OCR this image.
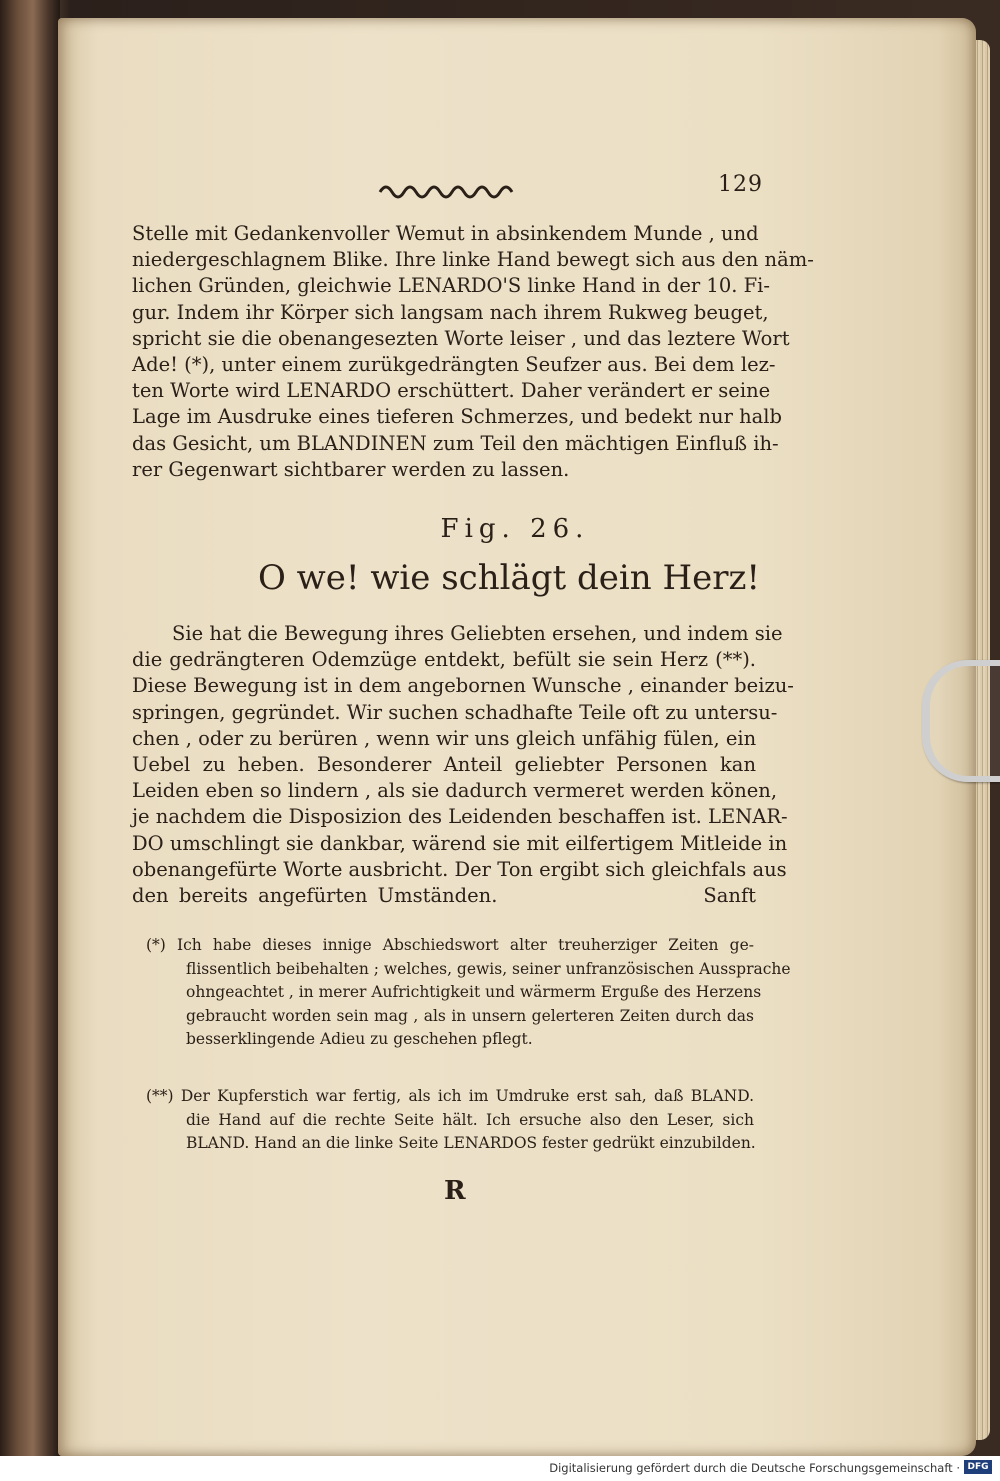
129
Stelle mit Gedankenvoller Wemut in absinkendem Munde , und
niedergeschlagnem Blike. Ihre linke Hand bewegt sich aus den näm-
lichen Gründen, gleichwie LENARDO'S linke Hand in der 10. Fi-
gur. Indem ihr Körper sich langsam nach ihrem Rukweg beuget,
spricht sie die obenangesezten Worte leiser , und das leztere Wort
Ade! (*), unter einem zurükgedrängten Seufzer aus. Bei dem lez-
ten Worte wird LENARDO erschüttert. Daher verändert er seine
Lage im Ausdruke eines tieferen Schmerzes, und bedekt nur halb
das Gesicht, um BLANDINEN zum Teil den mächtigen Einfluß ih-
rer Gegenwart sichtbarer werden zu lassen.
Fig. 26.
O we! wie schlägt dein Herz!
Sie hat die Bewegung ihres Geliebten ersehen, und indem sie
die gedrängteren Odemzüge entdekt, befült sie sein Herz (**).
Diese Bewegung ist in dem angebornen Wunsche , einander beizu-
springen, gegründet. Wir suchen schadhafte Teile oft zu untersu-
chen , oder zu berüren , wenn wir uns gleich unfähig fülen, ein
Uebel zu heben. Besonderer Anteil geliebter Personen kan
Leiden eben so lindern , als sie dadurch vermeret werden könen,
je nachdem die Disposizion des Leidenden beschaffen ist. LENAR-
DO umschlingt sie dankbar, wärend sie mit eilfertigem Mitleide in
obenangefürte Worte ausbricht. Der Ton ergibt sich gleichfals aus
den bereits angefürten Umständen.                    Sanft
(*) Ich habe dieses innige Abschiedswort alter treuherziger Zeiten ge-
flissentlich beibehalten ; welches, gewis, seiner unfranzösischen Aussprache
ohngeachtet , in merer Aufrichtigkeit und wärmerm Erguße des Herzens
gebraucht worden sein mag , als in unsern gelerteren Zeiten durch das
besserklingende Adieu zu geschehen pflegt.
(**) Der Kupferstich war fertig, als ich im Umdruke erst sah, daß BLAND.
die Hand auf die rechte Seite hält. Ich ersuche also den Leser, sich
BLAND. Hand an die linke Seite LENARDOS fester gedrükt einzubilden.
R
Digitalisierung gefördert durch die Deutsche Forschungsgemeinschaft · DFG
